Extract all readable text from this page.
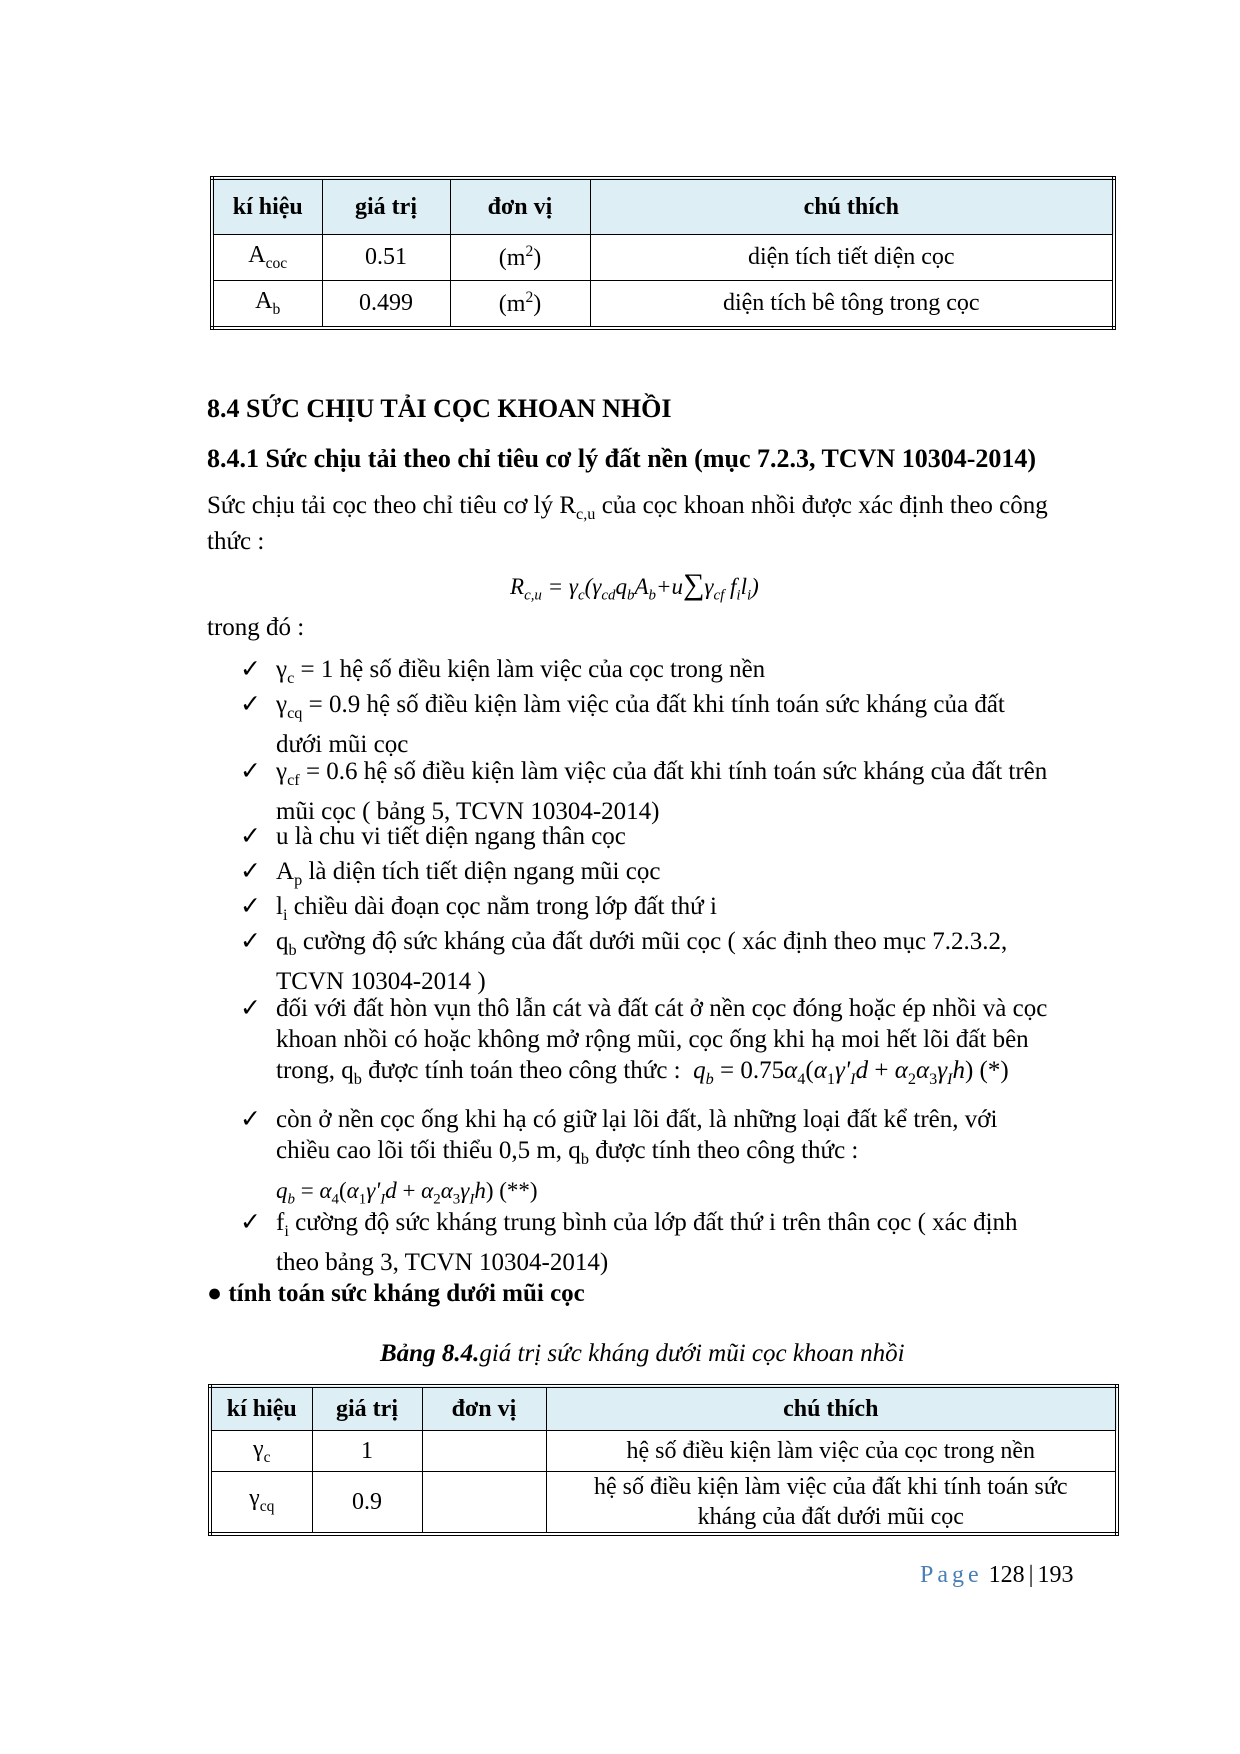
kí hiệu	giá trị	đơn vị	chú thích
$A_{coc}$	0.51	$(m^2)$	diện tích tiết diện cọc
$A_b$	0.499	$(m^2)$	diện tích bê tông trong cọc
8.4 SỨC CHỊU TẢI CỌC KHOAN NHỒI
8.4.1 Sức chịu tải theo chỉ tiêu cơ lý đất nền (mục 7.2.3, TCVN 10304-2014)
Sức chịu tải cọc theo chỉ tiêu cơ lý $R_{c,u}$ của cọc khoan nhồi được xác định theo công
thức :
$R_{c,u} = \gamma_c(\gamma_{cd}q_bA_b+u\sum\gamma_{cf}$ $f_il_i$)
trong đó :
✓ $\gamma_c = 1$ hệ số điều kiện làm việc của cọc trong nền
✓ $\gamma_{cq} = 0.9$ hệ số điều kiện làm việc của đất khi tính toán sức kháng của đất
dưới mũi cọc
✓ $\gamma_{cf} = 0.6$ hệ số điều kiện làm việc của đất khi tính toán sức kháng của đất trên
mũi cọc ( bảng 5, TCVN 10304-2014)
✓ u là chu vi tiết diện ngang thân cọc
✓ $A_p$ là diện tích tiết diện ngang mũi cọc
✓ $l_i$ chiều dài đoạn cọc nằm trong lớp đất thứ i
✓ $q_b$ cường độ sức kháng của đất dưới mũi cọc ( xác định theo mục 7.2.3.2,
TCVN 10304-2014 )
✓ đối với đất hòn vụn thô lẫn cát và đất cát ở nền cọc đóng hoặc ép nhồi và cọc
khoan nhồi có hoặc không mở rộng mũi, cọc ống khi hạ moi hết lõi đất bên
trong, $q_b$ được tính toán theo công thức :  $q_b = 0.75\alpha_4(\alpha_1\gamma'_Id + \alpha_2\alpha_3\gamma_Ih)$ (*)
✓ còn ở nền cọc ống khi hạ có giữ lại lõi đất, là những loại đất kể trên, với
chiều cao lõi tối thiểu 0,5 m, $q_b$ được tính theo công thức :
$q_b = \alpha_4(\alpha_1\gamma'_Id + \alpha_2\alpha_3\gamma_Ih)$ (**)
✓ $f_i$ cường độ sức kháng trung bình của lớp đất thứ i trên thân cọc ( xác định
theo bảng 3, TCVN 10304-2014)
● tính toán sức kháng dưới mũi cọc
Bảng 8.4.giá trị sức kháng dưới mũi cọc khoan nhồi
kí hiệu	giá trị	đơn vị	chú thích
$\gamma_c$	1		hệ số điều kiện làm việc của cọc trong nền
$\gamma_{cq}$	0.9		hệ số điều kiện làm việc của đất khi tính toán sức kháng của đất dưới mũi cọc
Page 128 | 193
